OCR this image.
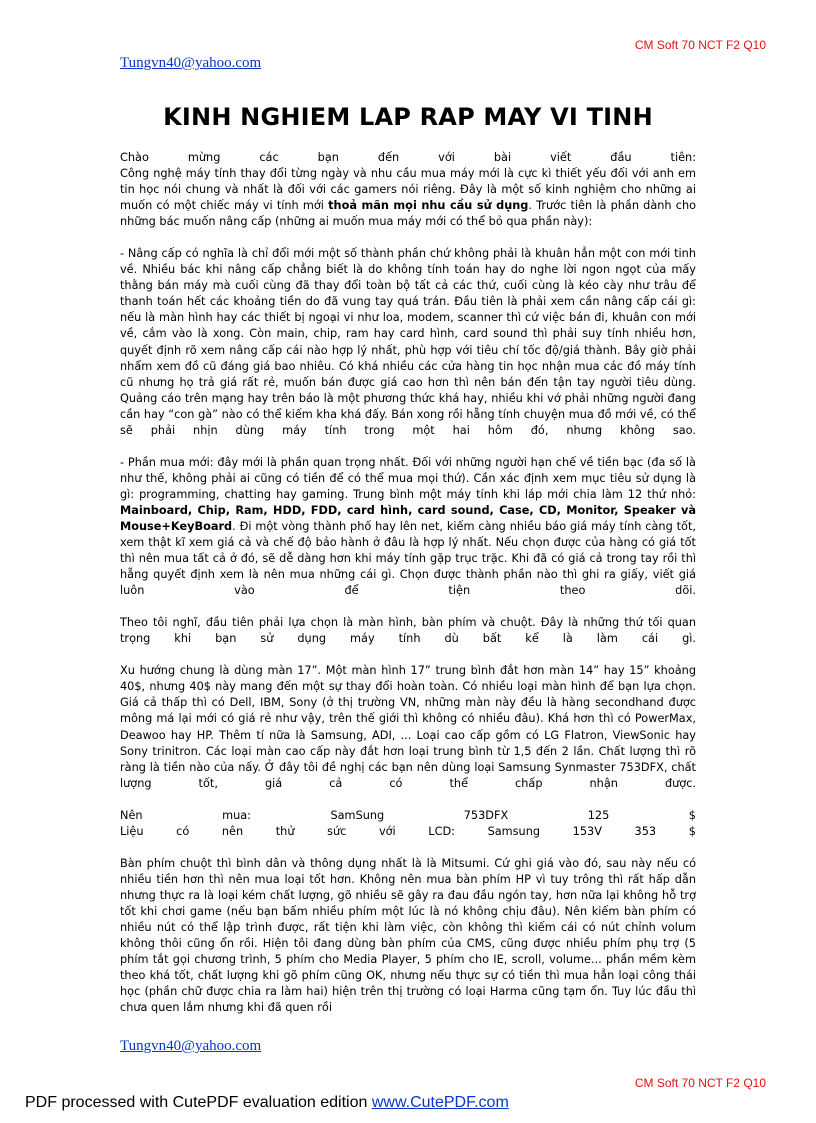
CM Soft 70 NCT F2 Q10
Tungvn40@yahoo.com
KINH NGHIEM LAP RAP MAY VI TINH

Chào mừng các bạn đến với bài viết đầu tiên:
Công nghệ máy tính thay đổi từng ngày và nhu cầu mua máy mới là cực kì thiết yếu đối với anh em tin học nói chung và nhất là đối với các gamers nói riêng. Đây là một số kinh nghiệm cho những ai muốn có một chiếc máy vi tính mới thoả mãn mọi nhu cầu sử dụng. Trước tiên là phần dành cho những bác muốn nâng cấp (những ai muốn mua máy mới có thể bỏ qua phần này):

- Nâng cấp có nghĩa là chỉ đổi mới một số thành phần chứ không phải là khuân hẳn một con mới tinh về. Nhiều bác khi nâng cấp chẳng biết là do không tính toán hay do nghe lời ngon ngọt của mấy thằng bán máy mà cuối cùng đã thay đổi toàn bộ tất cả các thứ, cuối cùng là kéo cày như trâu để thanh toán hết các khoảng tiền do đã vung tay quá trán. Đầu tiên là phải xem cần nâng cấp cái gì: nếu là màn hình hay các thiết bị ngoại vi như loa, modem, scanner thì cứ việc bán đi, khuân con mới về, cắm vào là xong. Còn main, chip, ram hay card hình, card sound thì phải suy tính nhiều hơn, quyết định rõ xem nâng cấp cái nào hợp lý nhất, phù hợp với tiêu chí tốc độ/giá thành. Bây giờ phải nhẩm xem đồ cũ đáng giá bao nhiêu. Có khá nhiều các cửa hàng tin học nhận mua các đồ máy tính cũ nhưng họ trả giá rất rẻ, muốn bán được giá cao hơn thì nên bán đến tận tay người tiêu dùng. Quảng cáo trên mạng hay trên báo là một phương thức khá hay, nhiều khi vớ phải những người đang cần hay “con gà” nào có thể kiếm kha khá đấy. Bán xong rồi hẵng tính chuyện mua đồ mới về, có thể sẽ phải nhịn dùng máy tính trong một hai hôm đó, nhưng không sao.

- Phần mua mới: đây mới là phần quan trọng nhất. Đối với những người hạn chế về tiền bạc (đa số là như thế, không phải ai cũng có tiền để có thể mua mọi thứ). Cần xác định xem mục tiêu sử dụng là gì: programming, chatting hay gaming. Trung bình một máy tính khi láp mới chia làm 12 thứ nhỏ: Mainboard, Chip, Ram, HDD, FDD, card hình, card sound, Case, CD, Monitor, Speaker và Mouse+KeyBoard. Đi một vòng thành phố hay lên net, kiếm càng nhiều báo giá máy tính càng tốt, xem thật kĩ xem giá cả và chế độ bảo hành ở đâu là hợp lý nhất. Nếu chọn được của hàng có giá tốt thì nên mua tất cả ở đó, sẽ dễ dàng hơn khi máy tính gặp trục trặc. Khi đã có giá cả trong tay rồi thì hẵng quyết định xem là nên mua những cái gì. Chọn được thành phần nào thì ghi ra giấy, viết giá luôn vào để tiện theo dõi.

Theo tôi nghĩ, đầu tiên phải lựa chọn là màn hình, bàn phím và chuột. Đây là những thứ tối quan trọng khi bạn sử dụng máy tính dù bất kể là làm cái gì.

Xu hướng chung là dùng màn 17”. Một màn hình 17” trung bình đắt hơn màn 14” hay 15” khoảng 40$, nhưng 40$ này mang đến một sự thay đổi hoàn toàn. Có nhiều loại màn hình để bạn lựa chọn. Giá cả thấp thì có Dell, IBM, Sony (ở thị trường VN, những màn này đều là hàng secondhand được mông má lại mới có giá rẻ như vậy, trên thế giới thì không có nhiều đâu). Khá hơn thì có PowerMax, Deawoo hay HP. Thêm tí nữa là Samsung, ADI, ... Loại cao cấp gồm có LG Flatron, ViewSonic hay Sony trinitron. Các loại màn cao cấp này đắt hơn loại trung bình từ 1,5 đến 2 lần. Chất lượng thì rõ ràng là tiền nào của nấy. Ở đây tôi đề nghị các bạn nên dùng loại Samsung Synmaster 753DFX, chất lượng tốt, giá cả có thể chấp nhận được.

Nên	mua:	SamSung	753DFX	125	$
Liệu	có	nên	thử	sức	với	LCD:	Samsung	153V	353	$

Bàn phím chuột thì bình dân và thông dụng nhất là là Mitsumi. Cứ ghi giá vào đó, sau này nếu có nhiều tiền hơn thì nên mua loại tốt hơn. Không nên mua bàn phím HP vì tuy trông thì rất hấp dẫn nhưng thực ra là loại kém chất lượng, gõ nhiều sẽ gây ra đau đầu ngón tay, hơn nữa lại không hỗ trợ tốt khi chơi game (nếu bạn bấm nhiều phím một lúc là nó không chịu đâu). Nên kiếm bàn phím có nhiều nút có thể lập trình được, rất tiện khi làm việc, còn không thì kiếm cái có nút chỉnh volum không thôi cũng ổn rồi. Hiện tôi đang dùng bàn phím của CMS, cũng được nhiều phím phụ trợ (5 phím tắt gọi chương trình, 5 phím cho Media Player, 5 phím cho IE, scroll, volume... phần mềm kèm theo khá tốt, chất lượng khi gõ phím cũng OK, nhưng nếu thực sự có tiền thì mua hẳn loại công thái học (phần chữ được chia ra làm hai) hiện trên thị trường có loại Harma cũng tạm ổn. Tuy lúc đầu thì chưa quen lắm nhưng khi đã quen rồi

Tungvn40@yahoo.com
CM Soft 70 NCT F2 Q10
PDF processed with CutePDF evaluation edition www.CutePDF.com
